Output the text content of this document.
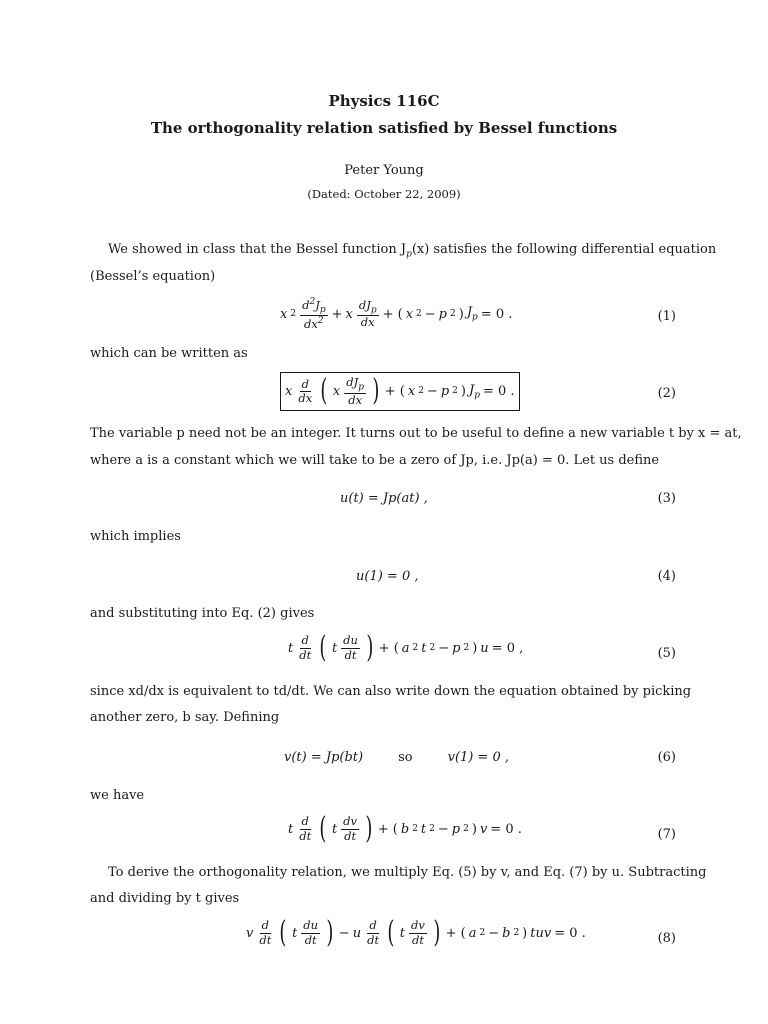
Physics 116C
The orthogonality relation satisfied by Bessel functions
Peter Young
(Dated: October 22, 2009)
We showed in class that the Bessel function $J_p(x)$ satisfies the following differential equation
(Bessel’s equation)
x $2 \frac{d^2J_p}{dx^2} + x \frac{dJ_p}{dx}$ + ( x 2 − p 2 ) $J_p = 0$ .	(1)
which can be written as
x $\frac{d}{dx}$ ( x $\frac{dJ_p}{dx}$ ) + ( x 2 − p 2 ) $J_p = 0$ .	(2)
The variable p need not be an integer. It turns out to be useful to define a new variable t by x = at,
where a is a constant which we will take to be a zero of Jp, i.e. Jp(a) = 0. Let us define
u(t) = Jp(at) ,	(3)
which implies
u(1) = 0 ,	(4)
and substituting into Eq. (2) gives
t $\frac{d}{dt}$ ( t $\frac{du}{dt}$ ) + ( a 2 t 2 − p 2 ) u = 0 ,	(5)
since xd/dx is equivalent to td/dt. We can also write down the equation obtained by picking
another zero, b say. Defining
v(t) = Jp(bt)	so	v(1) = 0 ,	(6)
we have
t $\frac{d}{dt}$ ( t $\frac{dv}{dt}$ ) + ( b 2 t 2 − p 2 ) v = 0 .	(7)
To derive the orthogonality relation, we multiply Eq. (5) by v, and Eq. (7) by u. Subtracting
and dividing by t gives
v $\frac{d}{dt}$ ( t $\frac{du}{dt}$ ) − u $\frac{d}{dt}$ ( t $\frac{dv}{dt}$ ) + ( a 2 − b 2 ) tuv = 0 .	(8)
